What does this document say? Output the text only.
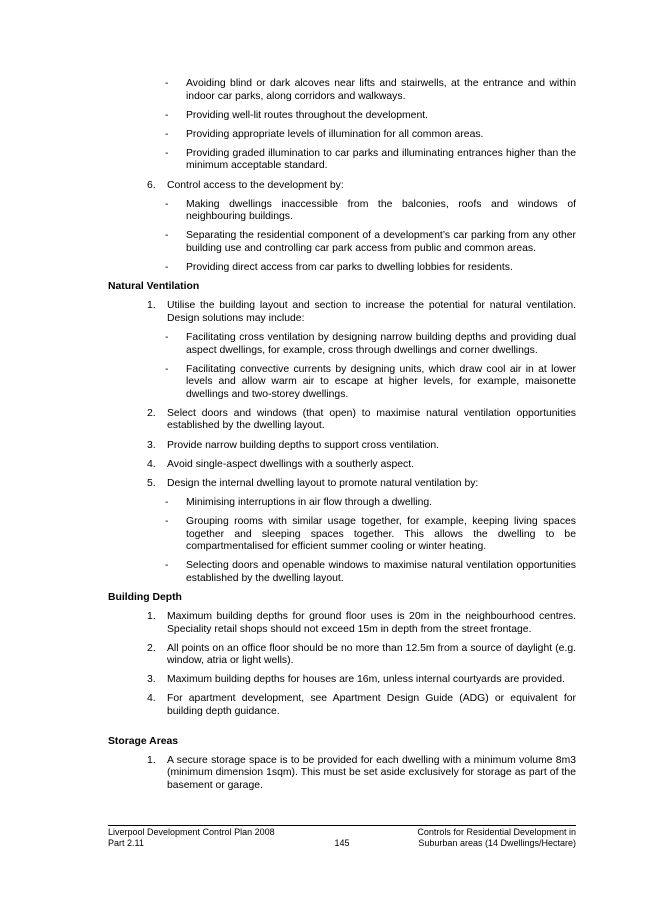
- Avoiding blind or dark alcoves near lifts and stairwells, at the entrance and within indoor car parks, along corridors and walkways.
- Providing well-lit routes throughout the development.
- Providing appropriate levels of illumination for all common areas.
- Providing graded illumination to car parks and illuminating entrances higher than the minimum acceptable standard.
6. Control access to the development by:
- Making dwellings inaccessible from the balconies, roofs and windows of neighbouring buildings.
- Separating the residential component of a development’s car parking from any other building use and controlling car park access from public and common areas.
- Providing direct access from car parks to dwelling lobbies for residents.
Natural Ventilation
1. Utilise the building layout and section to increase the potential for natural ventilation. Design solutions may include:
- Facilitating cross ventilation by designing narrow building depths and providing dual aspect dwellings, for example, cross through dwellings and corner dwellings.
- Facilitating convective currents by designing units, which draw cool air in at lower levels and allow warm air to escape at higher levels, for example, maisonette dwellings and two-storey dwellings.
2. Select doors and windows (that open) to maximise natural ventilation opportunities established by the dwelling layout.
3. Provide narrow building depths to support cross ventilation.
4. Avoid single-aspect dwellings with a southerly aspect.
5. Design the internal dwelling layout to promote natural ventilation by:
- Minimising interruptions in air flow through a dwelling.
- Grouping rooms with similar usage together, for example, keeping living spaces together and sleeping spaces together. This allows the dwelling to be compartmentalised for efficient summer cooling or winter heating.
- Selecting doors and openable windows to maximise natural ventilation opportunities established by the dwelling layout.
Building Depth
1. Maximum building depths for ground floor uses is 20m in the neighbourhood centres. Speciality retail shops should not exceed 15m in depth from the street frontage.
2. All points on an office floor should be no more than 12.5m from a source of daylight (e.g. window, atria or light wells).
3. Maximum building depths for houses are 16m, unless internal courtyards are provided.
4. For apartment development, see Apartment Design Guide (ADG) or equivalent for building depth guidance.
Storage Areas
1. A secure storage space is to be provided for each dwelling with a minimum volume 8m3 (minimum dimension 1sqm). This must be set aside exclusively for storage as part of the basement or garage.
Liverpool Development Control Plan 2008
Part 2.11	145
Controls for Residential Development in
Suburban areas (14 Dwellings/Hectare)
